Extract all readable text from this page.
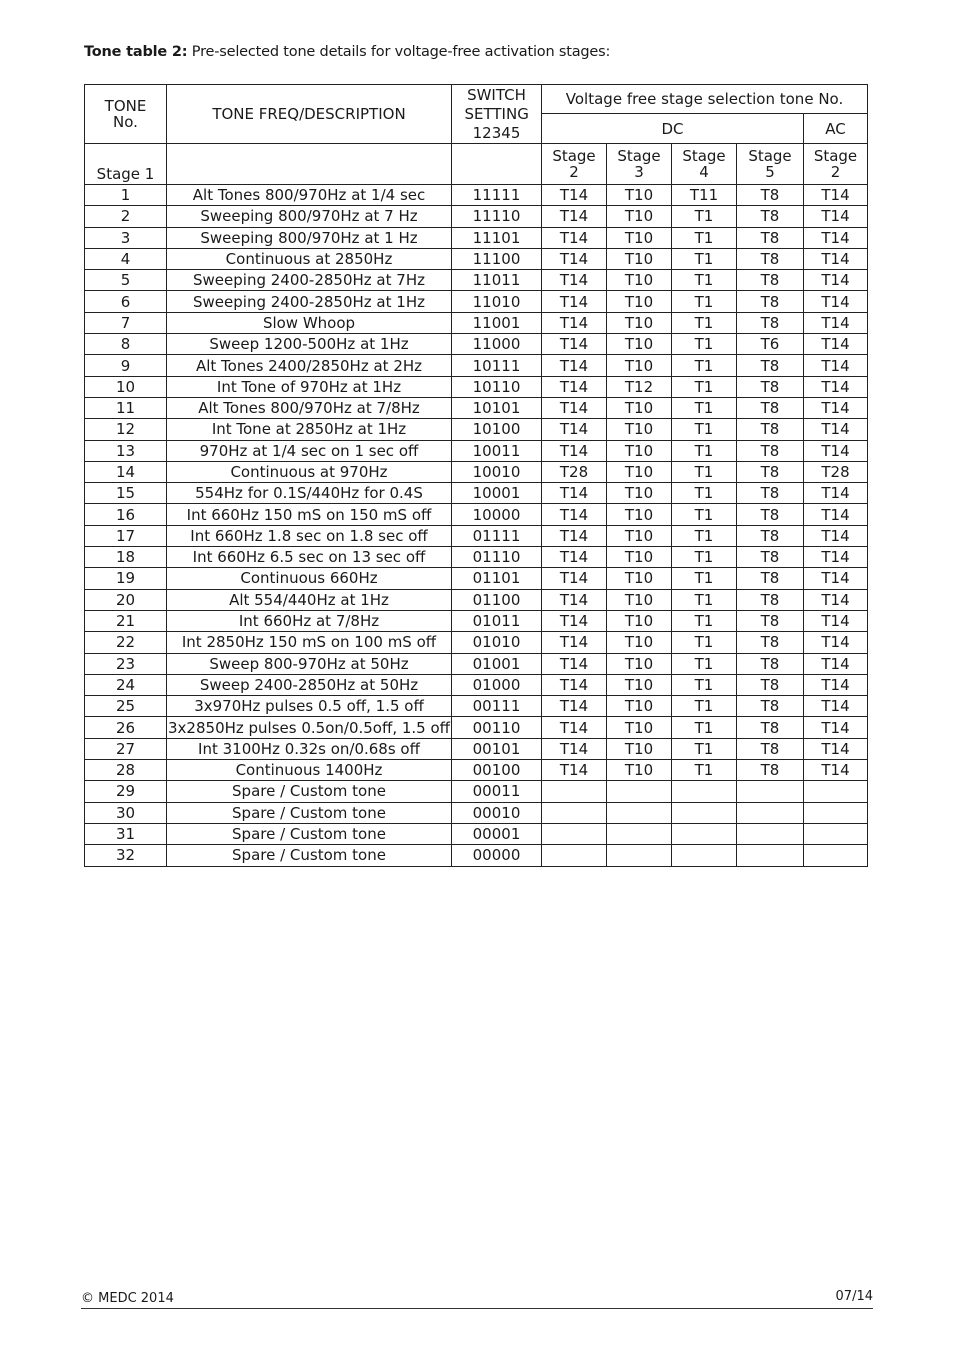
Tone table 2: Pre-selected tone details for voltage-free activation stages:
TONE No.	TONE FREQ/DESCRIPTION	SWITCH SETTING 12345	Voltage free stage selection tone No.				
			DC				AC
Stage 1			Stage 2	Stage 3	Stage 4	Stage 5	Stage 2

1	Alt Tones 800/970Hz at 1/4 sec	11111	T14	T10	T11	T8	T14
2	Sweeping 800/970Hz at 7 Hz	11110	T14	T10	T1	T8	T14
3	Sweeping 800/970Hz at 1 Hz	11101	T14	T10	T1	T8	T14
4	Continuous at 2850Hz	11100	T14	T10	T1	T8	T14
5	Sweeping 2400-2850Hz at 7Hz	11011	T14	T10	T1	T8	T14
6	Sweeping 2400-2850Hz at 1Hz	11010	T14	T10	T1	T8	T14
7	Slow Whoop	11001	T14	T10	T1	T8	T14
8	Sweep 1200-500Hz at 1Hz	11000	T14	T10	T1	T6	T14
9	Alt Tones 2400/2850Hz at 2Hz	10111	T14	T10	T1	T8	T14
10	Int Tone of 970Hz at 1Hz	10110	T14	T12	T1	T8	T14
11	Alt Tones 800/970Hz at 7/8Hz	10101	T14	T10	T1	T8	T14
12	Int Tone at 2850Hz at 1Hz	10100	T14	T10	T1	T8	T14
13	970Hz at 1/4 sec on 1 sec off	10011	T14	T10	T1	T8	T14
14	Continuous at 970Hz	10010	T28	T10	T1	T8	T28
15	554Hz for 0.1S/440Hz for 0.4S	10001	T14	T10	T1	T8	T14
16	Int 660Hz 150 mS on 150 mS off	10000	T14	T10	T1	T8	T14
17	Int 660Hz 1.8 sec on 1.8 sec off	01111	T14	T10	T1	T8	T14
18	Int 660Hz 6.5 sec on 13 sec off	01110	T14	T10	T1	T8	T14
19	Continuous 660Hz	01101	T14	T10	T1	T8	T14
20	Alt 554/440Hz at 1Hz	01100	T14	T10	T1	T8	T14
21	Int 660Hz at 7/8Hz	01011	T14	T10	T1	T8	T14
22	Int 2850Hz 150 mS on 100 mS off	01010	T14	T10	T1	T8	T14
23	Sweep 800-970Hz at 50Hz	01001	T14	T10	T1	T8	T14
24	Sweep 2400-2850Hz at 50Hz	01000	T14	T10	T1	T8	T14
25	3x970Hz pulses 0.5 off, 1.5 off	00111	T14	T10	T1	T8	T14
26	3x2850Hz pulses 0.5on/0.5off, 1.5 off	00110	T14	T10	T1	T8	T14
27	Int 3100Hz 0.32s on/0.68s off	00101	T14	T10	T1	T8	T14
28	Continuous 1400Hz	00100	T14	T10	T1	T8	T14
29	Spare / Custom tone	00011					
30	Spare / Custom tone	00010					
31	Spare / Custom tone	00001					
32	Spare / Custom tone	00000					
© MEDC 2014	07/14
